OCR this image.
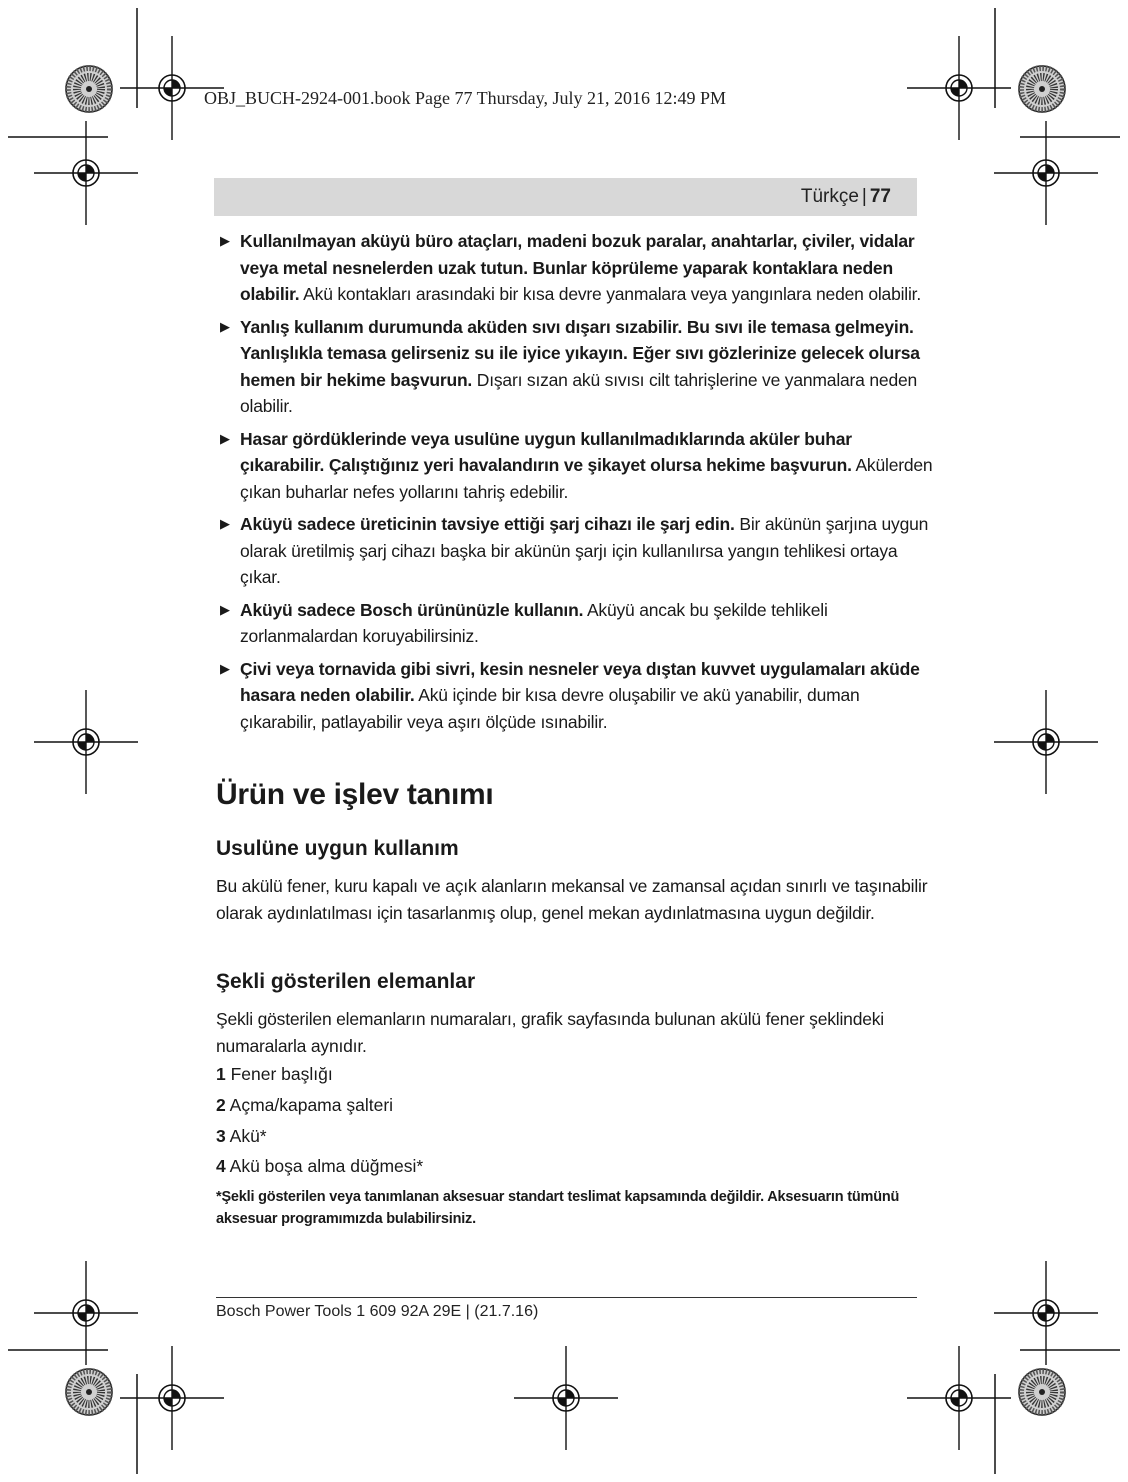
OBJ_BUCH-2924-001.book Page 77 Thursday, July 21, 2016 12:49 PM
Türkçe | 77
▶ Kullanılmayan aküyü büro ataçları, madeni bozuk paralar, anahtarlar, çiviler, vidalar veya metal nesnelerden uzak tutun. Bunlar köprüleme yaparak kontaklara neden olabilir. Akü kontakları arasındaki bir kısa devre yanmalara veya yangınlara neden olabilir.
▶ Yanlış kullanım durumunda aküden sıvı dışarı sızabilir. Bu sıvı ile temasa gelmeyin. Yanlışlıkla temasa gelirseniz su ile iyice yıkayın. Eğer sıvı gözlerinize gelecek olursa hemen bir hekime başvurun. Dışarı sızan akü sıvısı cilt tahrişlerine ve yanmalara neden olabilir.
▶ Hasar gördüklerinde veya usulüne uygun kullanılmadıklarında aküler buhar çıkarabilir. Çalıştığınız yeri havalandırın ve şikayet olursa hekime başvurun. Akülerden çıkan buharlar nefes yollarını tahriş edebilir.
▶ Aküyü sadece üreticinin tavsiye ettiği şarj cihazı ile şarj edin. Bir akünün şarjına uygun olarak üretilmiş şarj cihazı başka bir akünün şarjı için kullanılırsa yangın tehlikesi ortaya çıkar.
▶ Aküyü sadece Bosch ürününüzle kullanın. Aküyü ancak bu şekilde tehlikeli zorlanmalardan koruyabilirsiniz.
▶ Çivi veya tornavida gibi sivri, kesin nesneler veya dıştan kuvvet uygulamaları aküde hasara neden olabilir. Akü içinde bir kısa devre oluşabilir ve akü yanabilir, duman çıkarabilir, patlayabilir veya aşırı ölçüde ısınabilir.
Ürün ve işlev tanımı
Usulüne uygun kullanım
Bu akülü fener, kuru kapalı ve açık alanların mekansal ve zamansal açıdan sınırlı ve taşınabilir olarak aydınlatılması için tasarlanmış olup, genel mekan aydınlatmasına uygun değildir.
Şekli gösterilen elemanlar
Şekli gösterilen elemanların numaraları, grafik sayfasında bulunan akülü fener şeklindeki numaralarla aynıdır.
1 Fener başlığı
2 Açma/kapama şalteri
3 Akü*
4 Akü boşa alma düğmesi*
*Şekli gösterilen veya tanımlanan aksesuar standart teslimat kapsamında değildir. Aksesuarın tümünü aksesuar programımızda bulabilirsiniz.
Bosch Power Tools 1 609 92A 29E | (21.7.16)
